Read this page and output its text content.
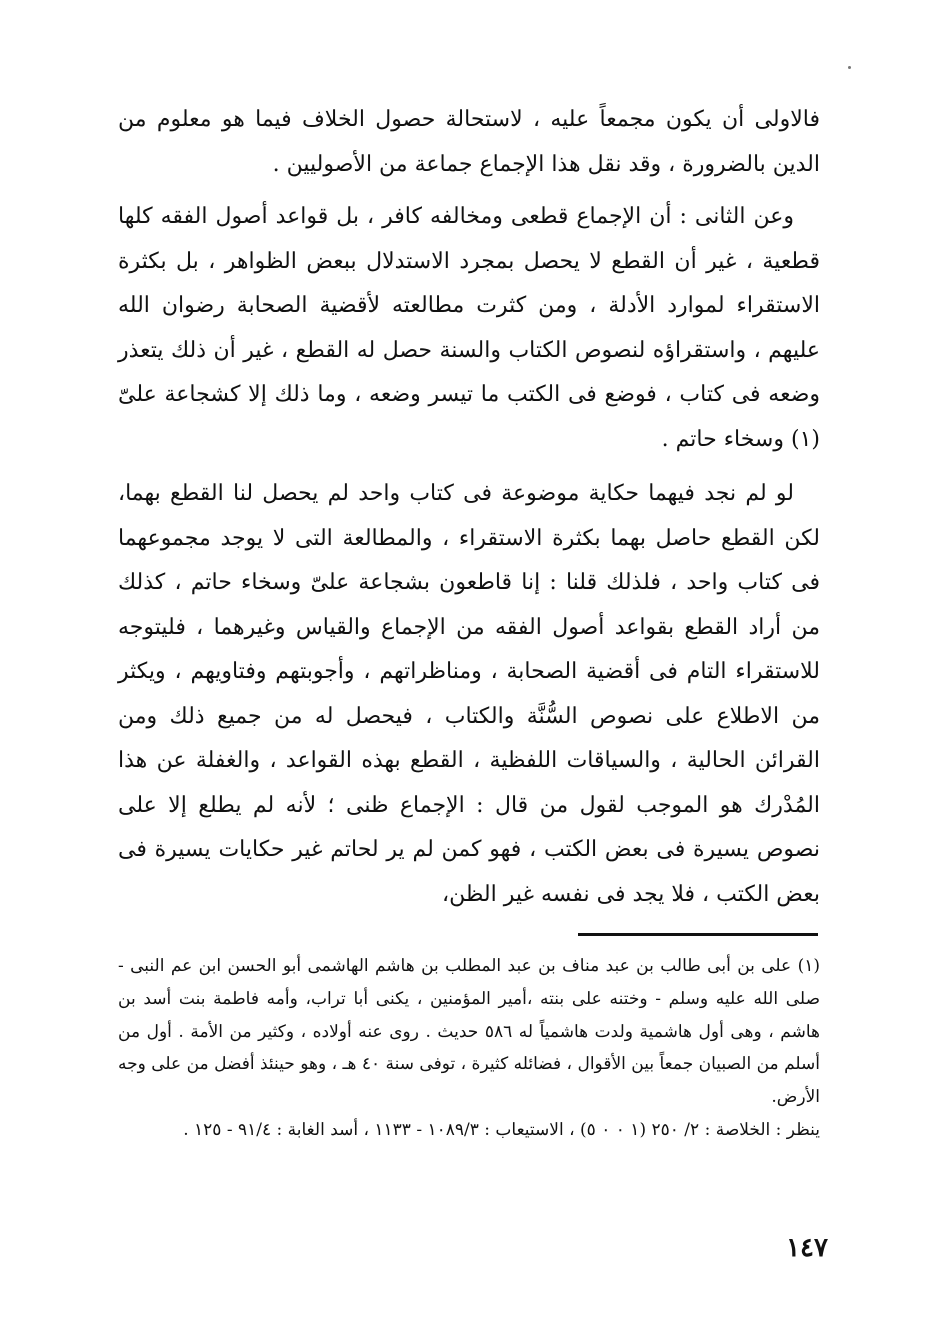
فالاولى أن يكون مجمعاً عليه ، لاستحالة حصول الخلاف فيما هو معلوم من الدين بالضرورة ، وقد نقل هذا الإجماع جماعة من الأصوليين .

وعن الثانى : أن الإجماع قطعى ومخالفه كافر ، بل قواعد أصول الفقه كلها قطعية ، غير أن القطع لا يحصل بمجرد الاستدلال ببعض الظواهر ، بل بكثرة الاستقراء لموارد الأدلة ، ومن كثرت مطالعته لأقضية الصحابة رضوان الله عليهم ، واستقراؤه لنصوص الكتاب والسنة حصل له القطع ، غير أن ذلك يتعذر وضعه فى كتاب ، فوضع فى الكتب ما تيسر وضعه ، وما ذلك إلا كشجاعة علىّ (١) وسخاء حاتم .

لو لم نجد فيهما حكاية موضوعة فى كتاب واحد لم يحصل لنا القطع بهما، لكن القطع حاصل بهما بكثرة الاستقراء ، والمطالعة التى لا يوجد مجموعهما فى كتاب واحد ، فلذلك قلنا : إنا قاطعون بشجاعة علىّ وسخاء حاتم ، كذلك من أراد القطع بقواعد أصول الفقه من الإجماع والقياس وغيرهما ، فليتوجه للاستقراء التام فى أقضية الصحابة ، ومناظراتهم ، وأجوبتهم وفتاويهم ، ويكثر من الاطلاع على نصوص السُّنَّة والكتاب ، فيحصل له من جميع ذلك ومن القرائن الحالية ، والسياقات اللفظية ، القطع بهذه القواعد ، والغفلة عن هذا المُدْرك هو الموجب لقول من قال : الإجماع ظنى ؛ لأنه لم يطلع إلا على نصوص يسيرة فى بعض الكتب ، فهو كمن لم ير لحاتم غير حكايات يسيرة فى بعض الكتب ، فلا يجد فى نفسه غير الظن،

(١) على بن أبى طالب بن عبد مناف بن عبد المطلب بن هاشم الهاشمى أبو الحسن ابن عم النبى - صلى الله عليه وسلم - وختنه على بنته ،أمير المؤمنين ، يكنى أبا تراب، وأمه فاطمة بنت أسد بن هاشم ، وهى أول هاشمية ولدت هاشمياً له ٥٨٦ حديث . روى عنه أولاده ، وكثير من الأمة . أول من أسلم من الصبيان جمعاً بين الأقوال ، فضائله كثيرة ، توفى سنة ٤٠ هـ ، وهو حينئذ أفضل من على وجه الأرض.

ينظر : الخلاصة : ٢/ ٢٥٠ (١ ٠ ٠ ٥) ، الاستيعاب : ١٠٨٩/٣ - ١١٣٣ ، أسد الغابة : ٩١/٤ - ١٢٥ .

١٤٧
